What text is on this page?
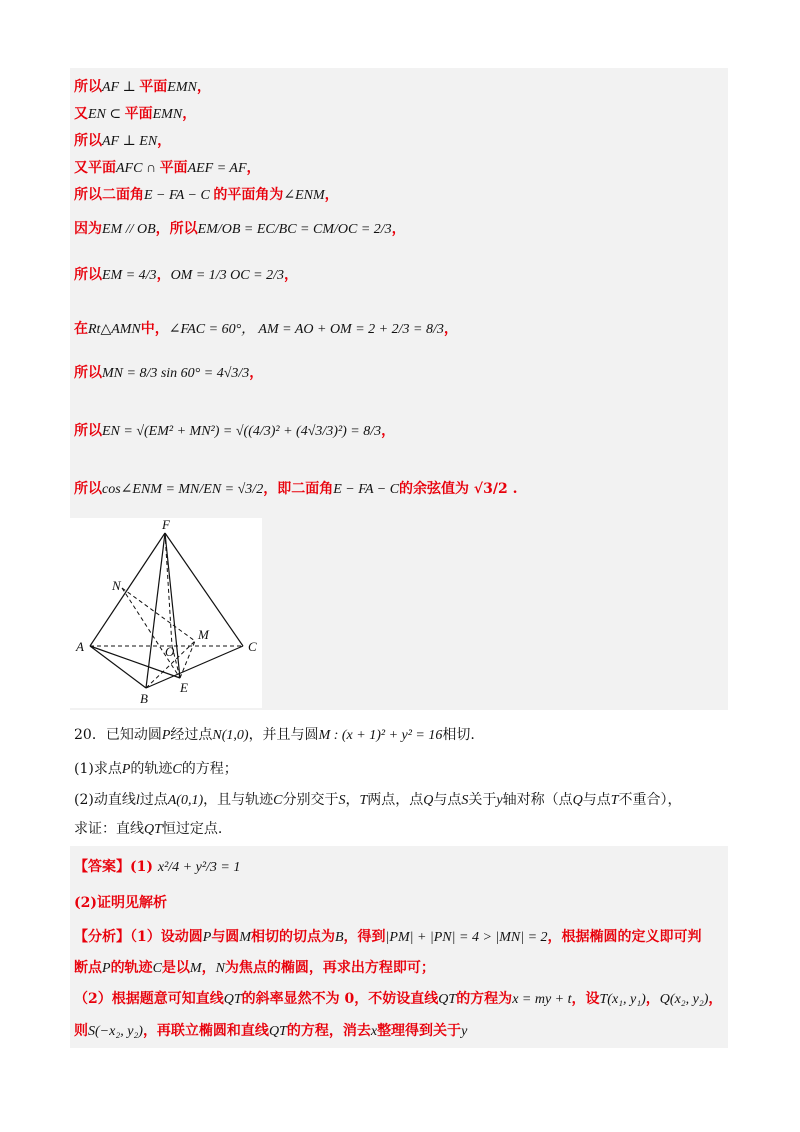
所以AF ⊥ 平面EMN，
又EN ⊂ 平面EMN，
所以AF ⊥ EN，
又平面AFC ∩ 平面AEF = AF，
所以二面角E − FA − C 的平面角为∠ENM，
因为EM // OB，所以EM/OB = EC/BC = CM/OC = 2/3，
所以EM = 4/3，OM = 1/3 OC = 2/3，
在Rt△AMN中，∠FAC = 60°， AM = AO + OM = 2 + 2/3 = 8/3，
所以MN = 8/3 sin 60° = 4√3/3，
所以EN = √(EM² + MN²) = √((4/3)² + (4√3/3)²) = 8/3，
所以cos∠ENM = MN/EN = √3/2，即二面角E − FA − C的余弦值为 √3/2 .
F
N
M
A	O	C
B
E
20．已知动圆P经过点N(1,0)，并且与圆M : (x + 1)² + y² = 16相切.
(1)求点P的轨迹C的方程；
(2)动直线l过点A(0,1)，且与轨迹C分别交于S，T两点，点Q与点S关于y轴对称（点Q与点T不重合），
求证：直线QT恒过定点.
【答案】(1) x²/4 + y²/3 = 1
(2)证明见解析
【分析】（1）设动圆P与圆M相切的切点为B，得到|PM| + |PN| = 4 > |MN| = 2，根据椭圆的定义即可判
断点P的轨迹C是以M，N为焦点的椭圆，再求出方程即可；
（2）根据题意可知直线QT的斜率显然不为 0，不妨设直线QT的方程为x = my + t，设T(x₁, y₁)，Q(x₂, y₂)，
则S(−x₂, y₂)，再联立椭圆和直线QT的方程，消去x整理得到关于y
